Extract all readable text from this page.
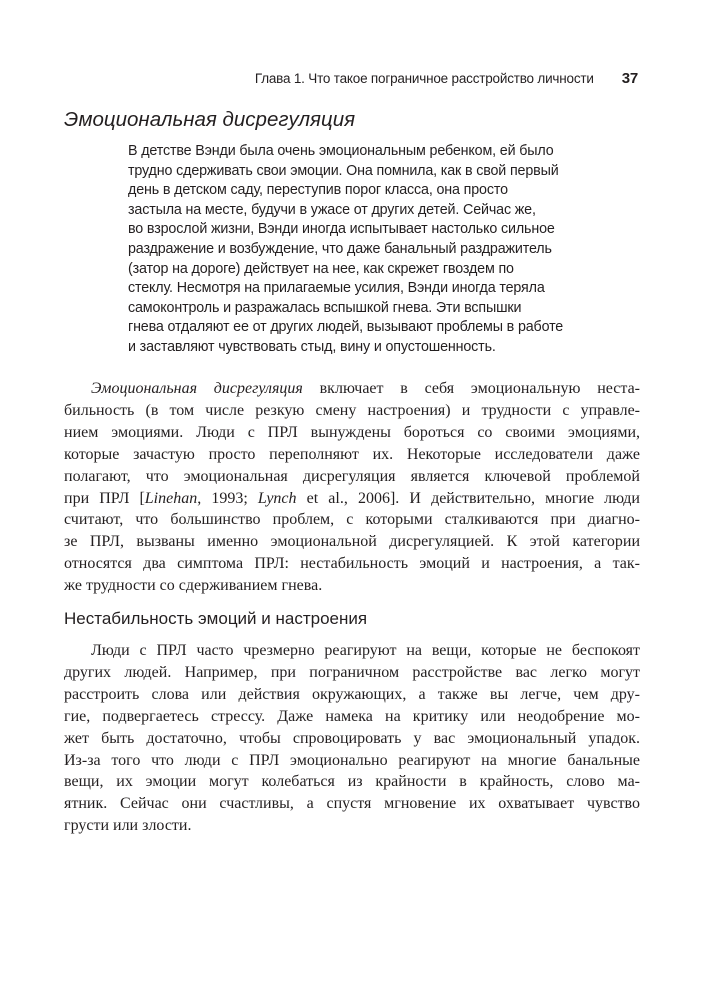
Глава 1. Что такое пограничное расстройство личности 37
Эмоциональная дисрегуляция
В детстве Вэнди была очень эмоциональным ребенком, ей было
трудно сдерживать свои эмоции. Она помнила, как в свой первый
день в детском саду, переступив порог класса, она просто
застыла на месте, будучи в ужасе от других детей. Сейчас же,
во взрослой жизни, Вэнди иногда испытывает настолько сильное
раздражение и возбуждение, что даже банальный раздражитель
(затор на дороге) действует на нее, как скрежет гвоздем по
стеклу. Несмотря на прилагаемые усилия, Вэнди иногда теряла
самоконтроль и разражалась вспышкой гнева. Эти вспышки
гнева отдаляют ее от других людей, вызывают проблемы в работе
и заставляют чувствовать стыд, вину и опустошенность.
Эмоциональная дисрегуляция включает в себя эмоциональную неста-
бильность (в том числе резкую смену настроения) и трудности с управле-
нием эмоциями. Люди с ПРЛ вынуждены бороться со своими эмоциями,
которые зачастую просто переполняют их. Некоторые исследователи даже
полагают, что эмоциональная дисрегуляция является ключевой проблемой
при ПРЛ [Linehan, 1993; Lynch et al., 2006]. И действительно, многие люди
считают, что большинство проблем, с которыми сталкиваются при диагно-
зе ПРЛ, вызваны именно эмоциональной дисрегуляцией. К этой категории
относятся два симптома ПРЛ: нестабильность эмоций и настроения, а так-
же трудности со сдерживанием гнева.
Нестабильность эмоций и настроения
Люди с ПРЛ часто чрезмерно реагируют на вещи, которые не беспокоят
других людей. Например, при пограничном расстройстве вас легко могут
расстроить слова или действия окружающих, а также вы легче, чем дру-
гие, подвергаетесь стрессу. Даже намека на критику или неодобрение мо-
жет быть достаточно, чтобы спровоцировать у вас эмоциональный упадок.
Из-за того что люди с ПРЛ эмоционально реагируют на многие банальные
вещи, их эмоции могут колебаться из крайности в крайность, слово ма-
ятник. Сейчас они счастливы, а спустя мгновение их охватывает чувство
грусти или злости.
